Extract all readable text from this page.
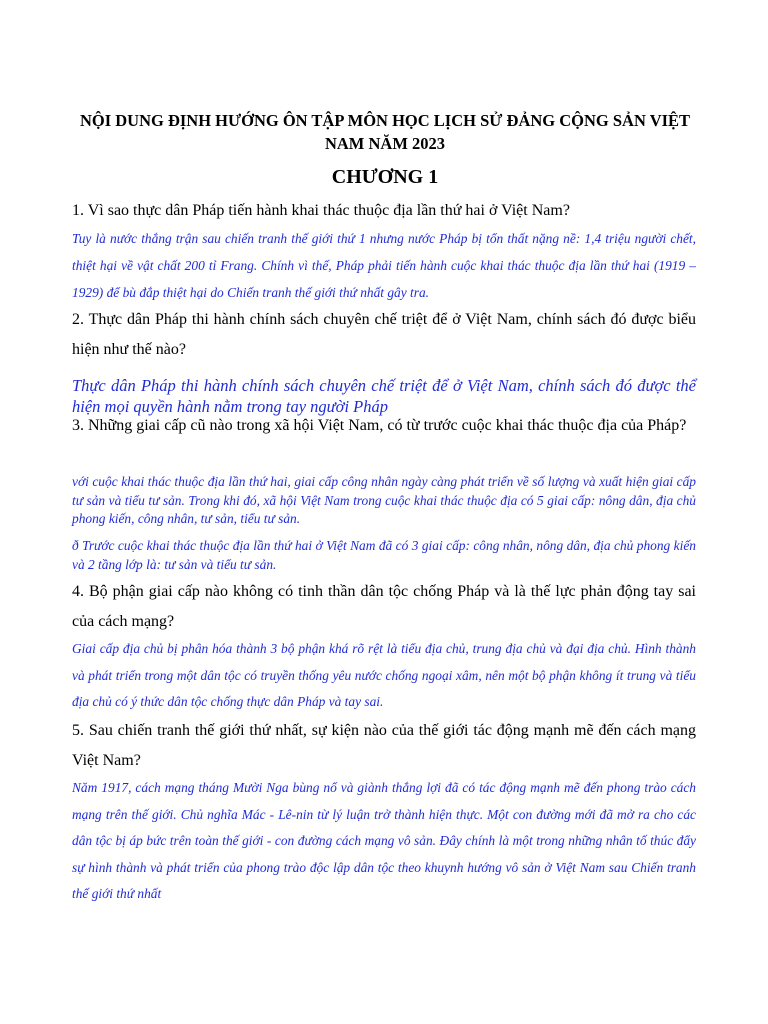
NỘI DUNG ĐỊNH HƯỚNG ÔN TẬP MÔN HỌC LỊCH SỬ ĐẢNG CỘNG SẢN VIỆT NAM NĂM 2023
CHƯƠNG 1
1. Vì sao thực dân Pháp tiến hành khai thác thuộc địa lần thứ hai ở Việt Nam?
Tuy là nước thắng trận sau chiến tranh thế giới thứ 1 nhưng nước Pháp bị tổn thất nặng nề: 1,4 triệu người chết, thiệt hại về vật chất 200 tỉ Frang. Chính vì thế, Pháp phải tiến hành cuộc khai thác thuộc địa lần thứ hai (1919 – 1929) để bù đắp thiệt hại do Chiến tranh thế giới thứ nhất gây tra.
2. Thực dân Pháp thi hành chính sách chuyên chế triệt để ở Việt Nam, chính sách đó được biểu hiện như thế nào?
Thực dân Pháp thi hành chính sách chuyên chế triệt để ở Việt Nam, chính sách đó được thể hiện mọi quyền hành nằm trong tay người Pháp
3. Những giai cấp cũ nào trong xã hội Việt Nam, có từ trước cuộc khai thác thuộc địa của Pháp?
với cuộc khai thác thuộc địa lần thứ hai, giai cấp công nhân ngày càng phát triển về số lượng và xuất hiện giai cấp tư sản và tiểu tư sản. Trong khi đó, xã hội Việt Nam trong cuộc khai thác thuộc địa có 5 giai cấp: nông dân, địa chủ phong kiến, công nhân, tư sản, tiểu tư sản.
ð Trước cuộc khai thác thuộc địa lần thứ hai ở Việt Nam đã có 3 giai cấp: công nhân, nông dân, địa chủ phong kiến và 2 tầng lớp là: tư sản và tiểu tư sản.
4. Bộ phận giai cấp nào không có tinh thần dân tộc chống Pháp và là thế lực phản động tay sai của cách mạng?
Giai cấp địa chủ bị phân hóa thành 3 bộ phận khá rõ rệt là tiểu địa chủ, trung địa chủ và đại địa chủ. Hình thành và phát triển trong một dân tộc có truyền thống yêu nước chống ngoại xâm, nên một bộ phận không ít trung và tiểu địa chủ có ý thức dân tộc chống thực dân Pháp và tay sai.
5. Sau chiến tranh thế giới thứ nhất, sự kiện nào của thế giới tác động mạnh mẽ đến cách mạng Việt Nam?
Năm 1917, cách mạng tháng Mười Nga bùng nổ và giành thắng lợi đã có tác động mạnh mẽ đến phong trào cách mạng trên thế giới. Chủ nghĩa Mác - Lê-nin từ lý luận trở thành hiện thực. Một con đường mới đã mở ra cho các dân tộc bị áp bức trên toàn thế giới - con đường cách mạng vô sản. Đây chính là một trong những nhân tố thúc đẩy sự hình thành và phát triển của phong trào độc lập dân tộc theo khuynh hướng vô sản ở Việt Nam sau Chiến tranh thế giới thứ nhất
